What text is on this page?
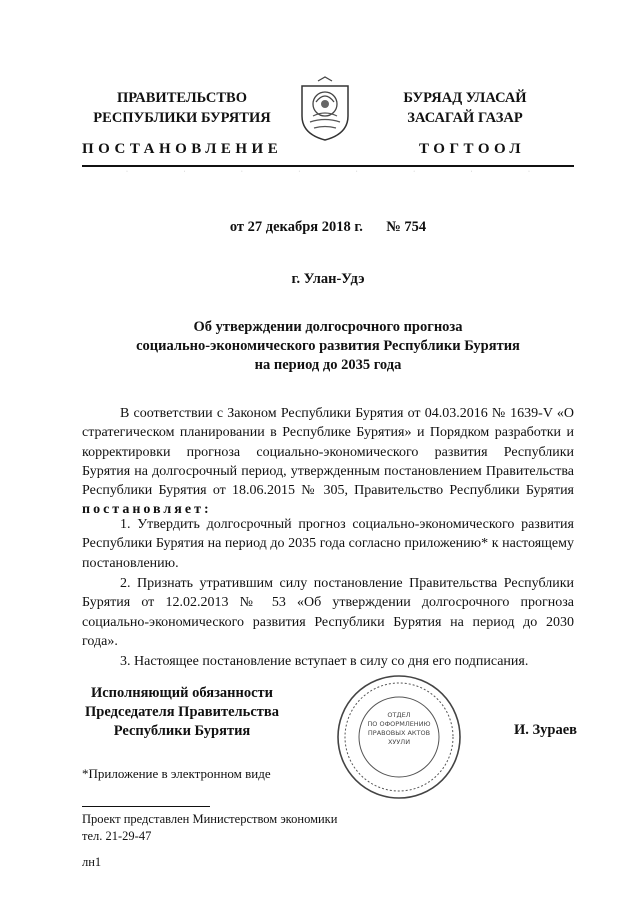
ПРАВИТЕЛЬСТВО
РЕСПУБЛИКИ БУРЯТИЯ
БУРЯАД УЛАСАЙ
ЗАСАГАЙ ГАЗАР
ПОСТАНОВЛЕНИЕ	ТОГТООЛ
·	·	·	·	·	·	·	·
от 27 декабря 2018 г. № 754
г. Улан-Удэ
Об утверждении долгосрочного прогноза
социально-экономического развития Республики Бурятия
на период до 2035 года
В соответствии с Законом Республики Бурятия от 04.03.2016 № 1639-V «О стратегическом планировании в Республике Бурятия» и Порядком разработки и корректировки прогноза социально-экономического развития Республики Бурятия на долгосрочный период, утвержденным постановлением Правительства Республики Бурятия от 18.06.2015 № 305, Правительство Республики Бурятия постановляет:
1. Утвердить долгосрочный прогноз социально-экономического развития Республики Бурятия на период до 2035 года согласно приложению* к настоящему постановлению.
2. Признать утратившим силу постановление Правительства Республики Бурятия от 12.02.2013 № 53 «Об утверждении долгосрочного прогноза социально-экономического развития Республики Бурятия на период до 2030 года».
3. Настоящее постановление вступает в силу со дня его подписания.
Исполняющий обязанности
Председателя Правительства
Республики Бурятия
ОТДЕЛ
ПО ОФОРМЛЕНИЮ
ПРАВОВЫХ АКТОВ
ХУУЛИ
И. Зураев
*Приложение в электронном виде
Проект представлен Министерством экономики
тел. 21-29-47
лн1
